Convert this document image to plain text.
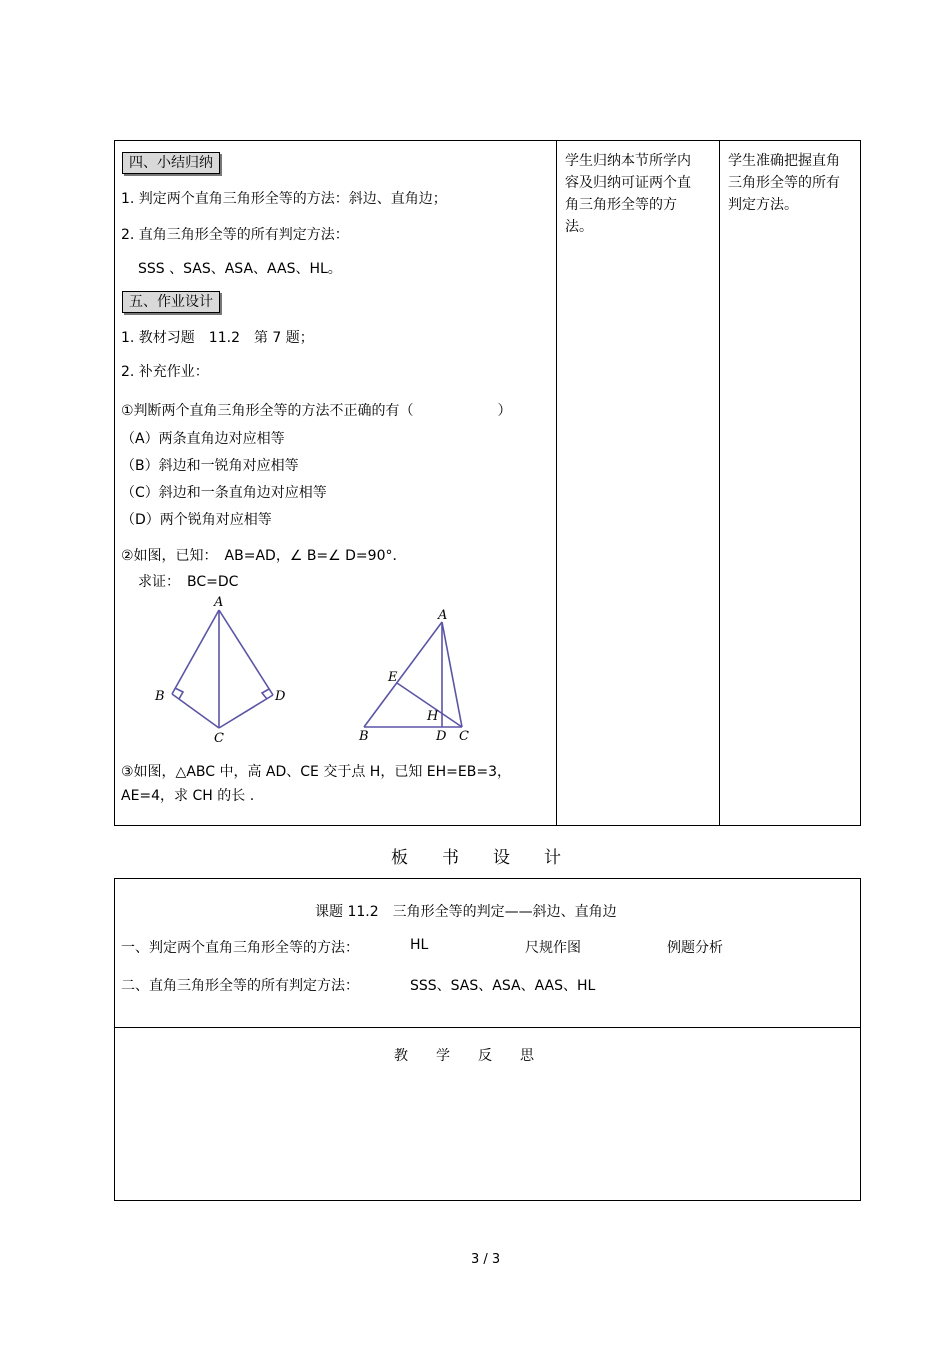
四、小结归纳
1. 判定两个直角三角形全等的方法：斜边、直角边；
2. 直角三角形全等的所有判定方法：
SSS 、SAS、ASA、AAS、HL。
五、作业设计
1. 教材习题　11.2　第 7 题；
2. 补充作业：
①判断两个直角三角形全等的方法不正确的有（　　　　　　）
（A）两条直角边对应相等
（B）斜边和一锐角对应相等
（C）斜边和一条直角边对应相等
（D）两个锐角对应相等
②如图，已知：　AB=AD，∠ B=∠ D=90°．
求证：　BC=DC
A
B
C
D
A
B	C
D
E
H
③如图，△ABC 中，高 AD、CE 交于点 H，已知 EH=EB=3，
AE=4，求 CH 的长 .
学生归纳本节所学内容及归纳可证两个直角三角形全等的方法。
学生准确把握直角三角形全等的所有判定方法。
板　　书　　设　　计
课题 11.2　三角形全等的判定——斜边、直角边
一、判定两个直角三角形全等的方法：	HL	尺规作图	例题分析
二、直角三角形全等的所有判定方法：	SSS、SAS、ASA、AAS、HL
教　　学　　反　　思
3 / 3
